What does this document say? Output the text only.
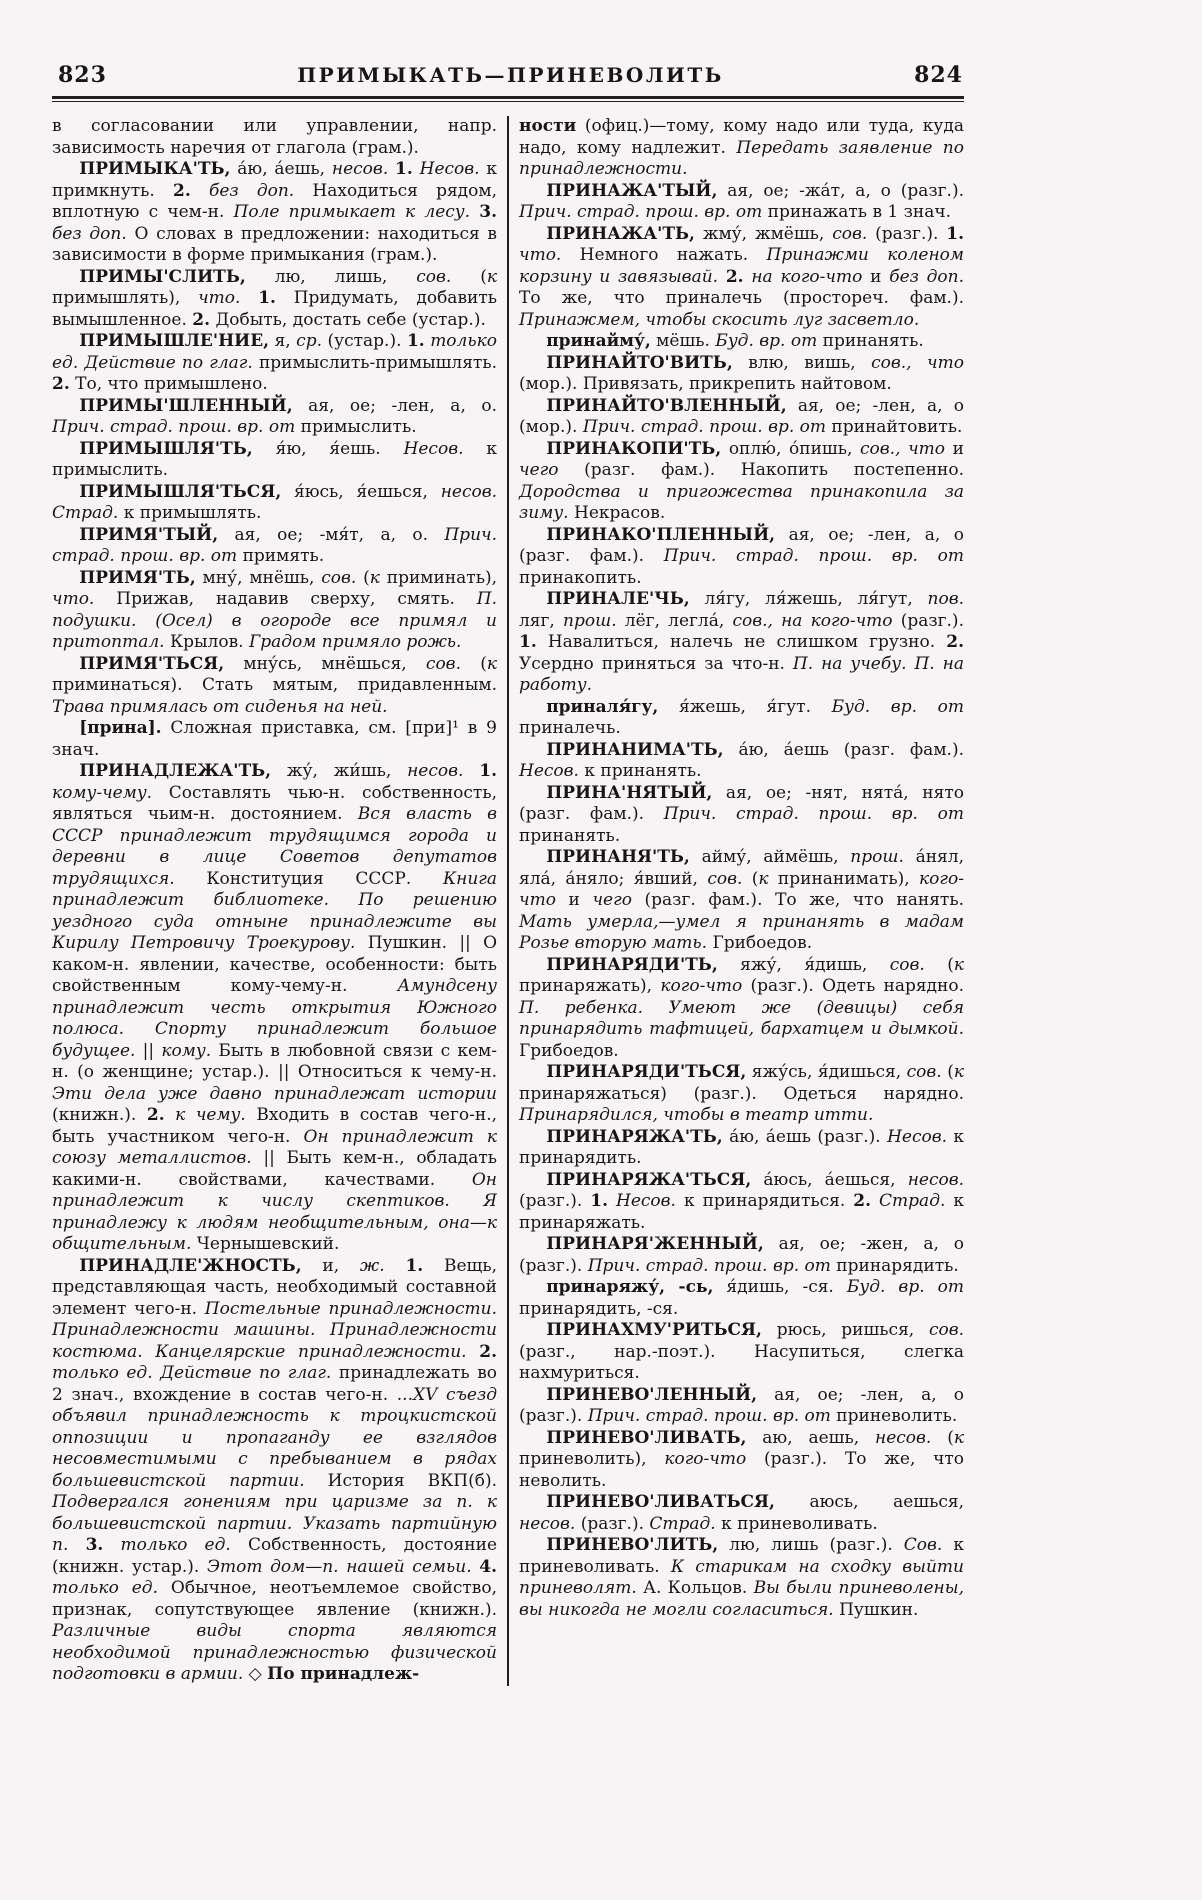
823	ПРИМЫКАТЬ—ПРИНЕВОЛИТЬ	824

в согласовании или управлении, напр. зависимость наречия от глагола (грам.).

ПРИМЫКА'ТЬ, а́ю, а́ешь, несов. 1. Несов. к примкнуть. 2. без доп. Находиться рядом, вплотную с чем-н. Поле примыкает к лесу. 3. без доп. О словах в предложении: находиться в зависимости в форме примыкания (грам.).

ПРИМЫ'СЛИТЬ, лю, лишь, сов. (к примышлять), что. 1. Придумать, добавить вымышленное. 2. Добыть, достать себе (устар.).

ПРИМЫШЛЕ'НИЕ, я, ср. (устар.). 1. только ед. Действие по глаг. примыслить-примышлять. 2. То, что примышлено.

ПРИМЫ'ШЛЕННЫЙ, ая, ое; -лен, а, о. Прич. страд. прош. вр. от примыслить.

ПРИМЫШЛЯ'ТЬ, я́ю, я́ешь. Несов. к примыслить.

ПРИМЫШЛЯ'ТЬСЯ, я́юсь, я́ешься, несов. Страд. к примышлять.

ПРИМЯ'ТЫЙ, ая, ое; -мя́т, а, о. Прич. страд. прош. вр. от примять.

ПРИМЯ'ТЬ, мну́, мнёшь, сов. (к приминать), что. Прижав, надавив сверху, смять. П. подушки. (Осел) в огороде все примял и притоптал. Крылов. Градом примяло рожь.

ПРИМЯ'ТЬСЯ, мну́сь, мнёшься, сов. (к приминаться). Стать мятым, придавленным. Трава примялась от сиденья на ней.

[прина]. Сложная приставка, см. [при]¹ в 9 знач.

ПРИНАДЛЕЖА'ТЬ, жу́, жи́шь, несов. 1. кому-чему. Составлять чью-н. собственность, являться чьим-н. достоянием. Вся власть в СССР принадлежит трудящимся города и деревни в лице Советов депутатов трудящихся. Конституция СССР. Книга принадлежит библиотеке. По решению уездного суда отныне принадлежите вы Кирилу Петровичу Троекурову. Пушкин. || О каком-н. явлении, качестве, особенности: быть свойственным кому-чему-н. Амундсену принадлежит честь открытия Южного полюса. Спорту принадлежит большое будущее. || кому. Быть в любовной связи с кем-н. (о женщине; устар.). || Относиться к чему-н. Эти дела уже давно принадлежат истории (книжн.). 2. к чему. Входить в состав чего-н., быть участником чего-н. Он принадлежит к союзу металлистов. || Быть кем-н., обладать какими-н. свойствами, качествами. Он принадлежит к числу скептиков. Я принадлежу к людям необщительным, она—к общительным. Чернышевский.

ПРИНАДЛЕ'ЖНОСТЬ, и, ж. 1. Вещь, представляющая часть, необходимый составной элемент чего-н. Постельные принадлежности. Принадлежности машины. Принадлежности костюма. Канцелярские принадлежности. 2. только ед. Действие по глаг. принадлежать во 2 знач., вхождение в состав чего-н. ...XV съезд объявил принадлежность к троцкистской оппозиции и пропаганду ее взглядов несовместимыми с пребыванием в рядах большевистской партии. История ВКП(б). Подвергался гонениям при царизме за п. к большевистской партии. Указать партийную п. 3. только ед. Собственность, достояние (книжн. устар.). Этот дом—п. нашей семьи. 4. только ед. Обычное, неотъемлемое свойство, признак, сопутствующее явление (книжн.). Различные виды спорта являются необходимой принадлежностью физической подготовки в армии. ◇ По принадлеж-

ности (офиц.)—тому, кому надо или туда, куда надо, кому надлежит. Передать заявление по принадлежности.

ПРИНАЖА'ТЫЙ, ая, ое; -жа́т, а, о (разг.). Прич. страд. прош. вр. от принажать в 1 знач.

ПРИНАЖА'ТЬ, жму́, жмёшь, сов. (разг.). 1. что. Немного нажать. Принажми коленом корзину и завязывай. 2. на кого-что и без доп. То же, что приналечь (простореч. фам.). Принажмем, чтобы скосить луг засветло.

принайму́, мёшь. Буд. вр. от принанять.

ПРИНАЙТО'ВИТЬ, влю, вишь, сов., что (мор.). Привязать, прикрепить найтовом.

ПРИНАЙТО'ВЛЕННЫЙ, ая, ое; -лен, а, о (мор.). Прич. страд. прош. вр. от принайтовить.

ПРИНАКОПИ'ТЬ, оплю́, о́пишь, сов., что и чего (разг. фам.). Накопить постепенно. Дородства и пригожества принакопила за зиму. Некрасов.

ПРИНАКО'ПЛЕННЫЙ, ая, ое; -лен, а, о (разг. фам.). Прич. страд. прош. вр. от принакопить.

ПРИНАЛЕ'ЧЬ, ля́гу, ля́жешь, ля́гут, пов. ляг, прош. лёг, легла́, сов., на кого-что (разг.). 1. Навалиться, налечь не слишком грузно. 2. Усердно приняться за что-н. П. на учебу. П. на работу.

приналя́гу, я́жешь, я́гут. Буд. вр. от приналечь.

ПРИНАНИМА'ТЬ, а́ю, а́ешь (разг. фам.). Несов. к принанять.

ПРИНА'НЯТЫЙ, ая, ое; -нят, нята́, нято (разг. фам.). Прич. страд. прош. вр. от принанять.

ПРИНАНЯ'ТЬ, айму́, аймёшь, прош. а́нял, яла́, а́няло; я́вший, сов. (к принанимать), кого-что и чего (разг. фам.). То же, что нанять. Мать умерла,—умел я принанять в мадам Розье вторую мать. Грибоедов.

ПРИНАРЯДИ'ТЬ, яжу́, я́дишь, сов. (к принаряжать), кого-что (разг.). Одеть нарядно. П. ребенка. Умеют же (девицы) себя принарядить тафтицей, бархатцем и дымкой. Грибоедов.

ПРИНАРЯДИ'ТЬСЯ, яжу́сь, я́дишься, сов. (к принаряжаться) (разг.). Одеться нарядно. Принарядился, чтобы в театр итти.

ПРИНАРЯЖА'ТЬ, а́ю, а́ешь (разг.). Несов. к принарядить.

ПРИНАРЯЖА'ТЬСЯ, а́юсь, а́ешься, несов. (разг.). 1. Несов. к принарядиться. 2. Страд. к принаряжать.

ПРИНАРЯ'ЖЕННЫЙ, ая, ое; -жен, а, о (разг.). Прич. страд. прош. вр. от принарядить.

принаряжу́, -сь, я́дишь, -ся. Буд. вр. от принарядить, -ся.

ПРИНАХМУ'РИТЬСЯ, рюсь, ришься, сов. (разг., нар.-поэт.). Насупиться, слегка нахмуриться.

ПРИНЕВО'ЛЕННЫЙ, ая, ое; -лен, а, о (разг.). Прич. страд. прош. вр. от приневолить.

ПРИНЕВО'ЛИВАТЬ, аю, аешь, несов. (к приневолить), кого-что (разг.). То же, что неволить.

ПРИНЕВО'ЛИВАТЬСЯ, аюсь, аешься, несов. (разг.). Страд. к приневоливать.

ПРИНЕВО'ЛИТЬ, лю, лишь (разг.). Сов. к приневоливать. К старикам на сходку выйти приневолят. А. Кольцов. Вы были приневолены, вы никогда не могли согласиться. Пушкин.
